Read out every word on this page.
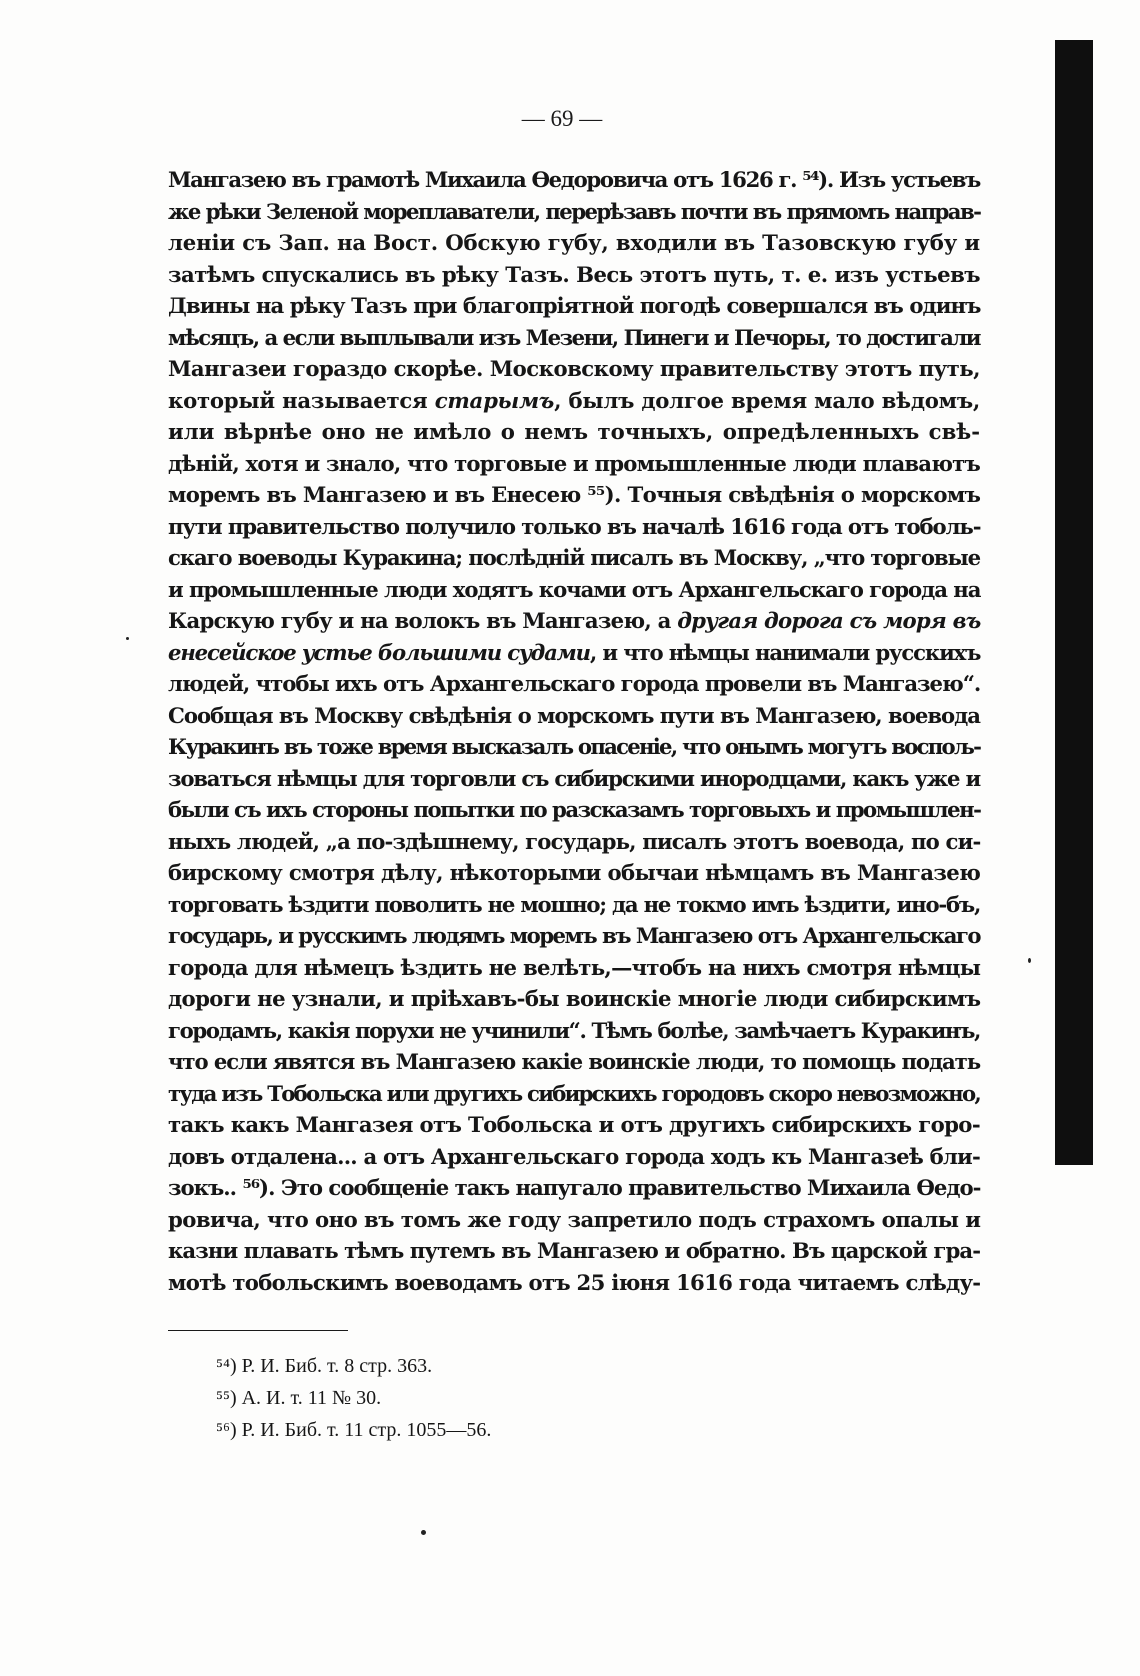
— 69 —
Мангазею въ грамотѣ Михаила Ѳедоровича отъ 1626 г. ⁵⁴). Изъ устьевъ
же рѣки Зеленой мореплаватели, перерѣзавъ почти въ прямомъ направ-
леніи съ Зап. на Вост. Обскую губу, входили въ Тазовскую губу и
затѣмъ спускались въ рѣку Тазъ. Весь этотъ путь, т. е. изъ устьевъ
Двины на рѣку Тазъ при благопріятной погодѣ совершался въ одинъ
мѣсяцъ, а если выплывали изъ Мезени, Пинеги и Печоры, то достигали
Мангазеи гораздо скорѣе. Московскому правительству этотъ путь,
который называется старымъ, былъ долгое время мало вѣдомъ,
или вѣрнѣе оно не имѣло о немъ точныхъ, опредѣленныхъ свѣ-
дѣній, хотя и знало, что торговые и промышленные люди плаваютъ
моремъ въ Мангазею и въ Енесею ⁵⁵). Точныя свѣдѣнія о морскомъ
пути правительство получило только въ началѣ 1616 года отъ тоболь-
скаго воеводы Куракина; послѣдній писалъ въ Москву, „что торговые
и промышленные люди ходятъ кочами отъ Архангельскаго города на
Карскую губу и на волокъ въ Мангазею, а другая дорога съ моря въ
енесейское устье большими судами, и что нѣмцы нанимали русскихъ
людей, чтобы ихъ отъ Архангельскаго города провели въ Мангазею“.
Сообщая въ Москву свѣдѣнія о морскомъ пути въ Мангазею, воевода
Куракинъ въ тоже время высказалъ опасеніе, что онымъ могутъ воспољ-
зоваться нѣмцы для торговли съ сибирскими инородцами, какъ уже и
были съ ихъ стороны попытки по разсказамъ торговыхъ и промышлен-
ныхъ людей, „а по-здѣшнему, государь, писалъ этотъ воевода, по си-
бирскому смотря дѣлу, нѣкоторыми обычаи нѣмцамъ въ Мангазею
торговать ѣздити поволить не мошно; да не токмо имъ ѣздити, ино-бъ,
государь, и русскимъ людямъ моремъ въ Мангазею отъ Архангельскаго
города для нѣмецъ ѣздить не велѣть,—чтобъ на нихъ смотря нѣмцы
дороги не узнали, и пріѣхавъ-бы воинскіе многіе люди сибирскимъ
городамъ, какія порухи не учинили“. Тѣмъ болѣе, замѣчаетъ Куракинъ,
что если явятся въ Мангазею какіе воинскіе люди, то помощь подать
туда изъ Тобольска или другихъ сибирскихъ городовъ скоро невозможно,
такъ какъ Мангазея отъ Тобольска и отъ другихъ сибирскихъ горо-
довъ отдалена... а отъ Архангельскаго города ходъ къ Мангазеѣ бли-
зокъ.. ⁵⁶). Это сообщеніе такъ напугало правительство Михаила Ѳедо-
ровича, что оно въ томъ же году запретило подъ страхомъ опалы и
казни плавать тѣмъ путемъ въ Мангазею и обратно. Въ царской гра-
мотѣ тобольскимъ воеводамъ отъ 25 іюня 1616 года читаемъ слѣду-
⁵⁴) Р. И. Биб. т. 8 стр. 363.
⁵⁵) А. И. т. 11 № 30.
⁵⁶) Р. И. Биб. т. 11 стр. 1055—56.
